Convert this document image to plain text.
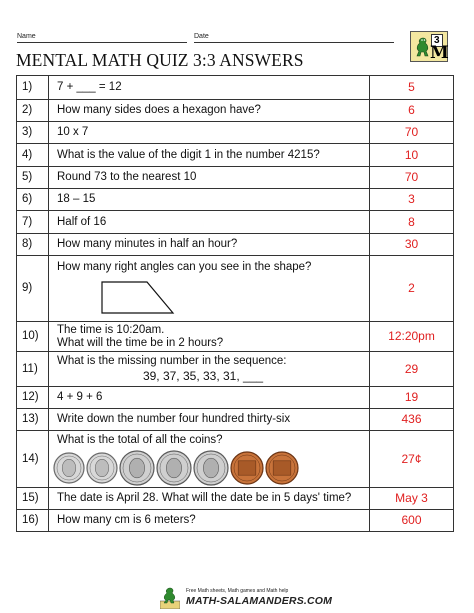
Name	Date
MENTAL MATH QUIZ 3:3 ANSWERS
3
M
1)	7 + ___ = 12	5
2)	How many sides does a hexagon have?	6
3)	10 x 7	70
4)	What is the value of the digit 1 in the number 4215?	10
5)	Round 73 to the nearest 10	70
6)	18 – 15	3
7)	Half of 16	8
8)	How many minutes in half an hour?	30
9)	How many right angles can you see in the shape?	2
10)	The time is 10:20am.
What will the time be in 2 hours?	12:20pm
11)	What is the missing number in the sequence:
39, 37, 35, 33, 31, ___	29
12)	4 + 9 + 6	19
13)	Write down the number four hundred thirty-six	436
14)	What is the total of all the coins?	27¢
15)	The date is April 28. What will the date be in 5 days' time?	May 3
16)	How many cm is 6 meters?	600
Free Math sheets, Math games and Math help
MATH-SALAMANDERS.COM
